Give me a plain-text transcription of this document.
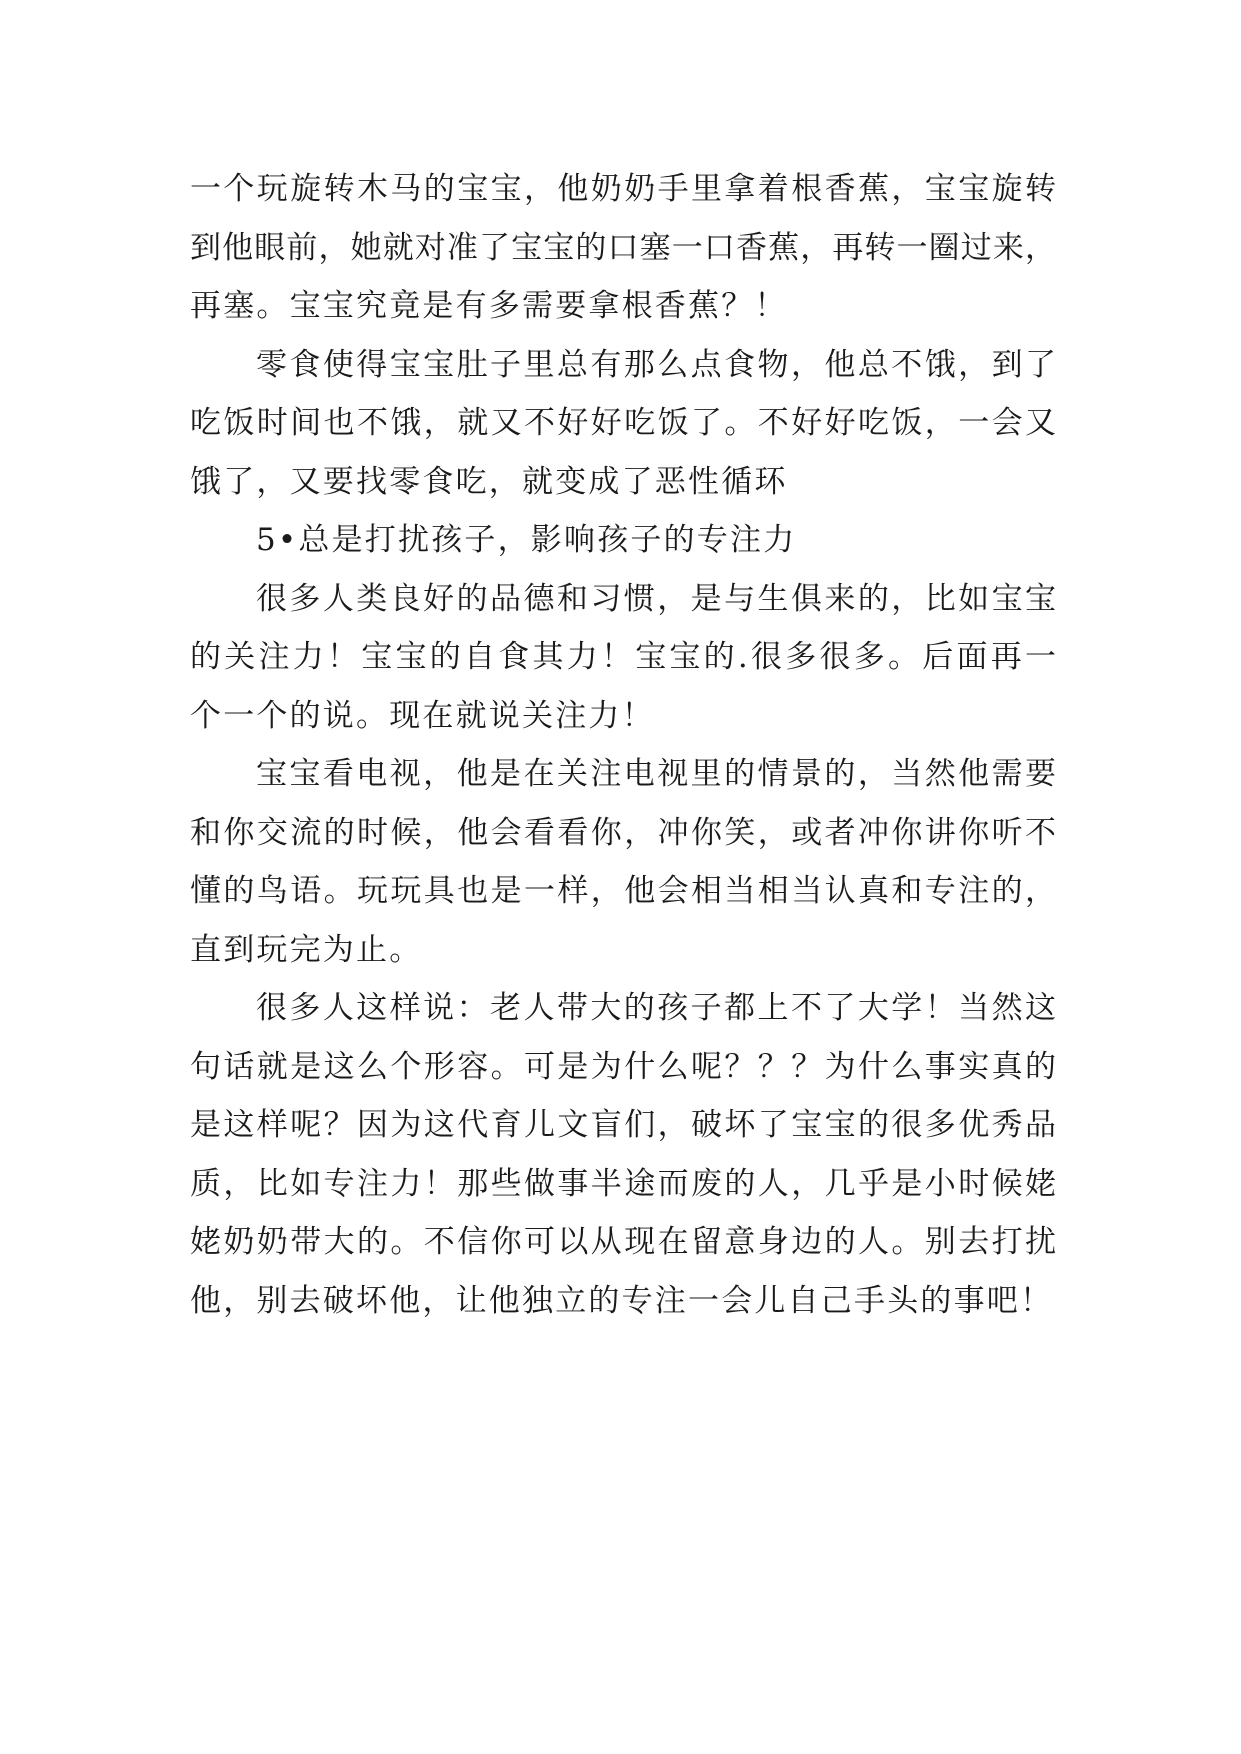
一个玩旋转木马的宝宝，他奶奶手里拿着根香蕉，宝宝旋转
到他眼前，她就对准了宝宝的口塞一口香蕉，再转一圈过来，
再塞。宝宝究竟是有多需要拿根香蕉？！
零食使得宝宝肚子里总有那么点食物，他总不饿，到了
吃饭时间也不饿，就又不好好吃饭了。不好好吃饭，一会又
饿了，又要找零食吃，就变成了恶性循环
5•总是打扰孩子，影响孩子的专注力
很多人类良好的品德和习惯，是与生俱来的，比如宝宝
的关注力！宝宝的自食其力！宝宝的.很多很多。后面再一
个一个的说。现在就说关注力！
宝宝看电视，他是在关注电视里的情景的，当然他需要
和你交流的时候，他会看看你，冲你笑，或者冲你讲你听不
懂的鸟语。玩玩具也是一样，他会相当相当认真和专注的，
直到玩完为止。
很多人这样说：老人带大的孩子都上不了大学！当然这
句话就是这么个形容。可是为什么呢？？？为什么事实真的
是这样呢？因为这代育儿文盲们，破坏了宝宝的很多优秀品
质，比如专注力！那些做事半途而废的人，几乎是小时候姥
姥奶奶带大的。不信你可以从现在留意身边的人。别去打扰
他，别去破坏他，让他独立的专注一会儿自己手头的事吧！
